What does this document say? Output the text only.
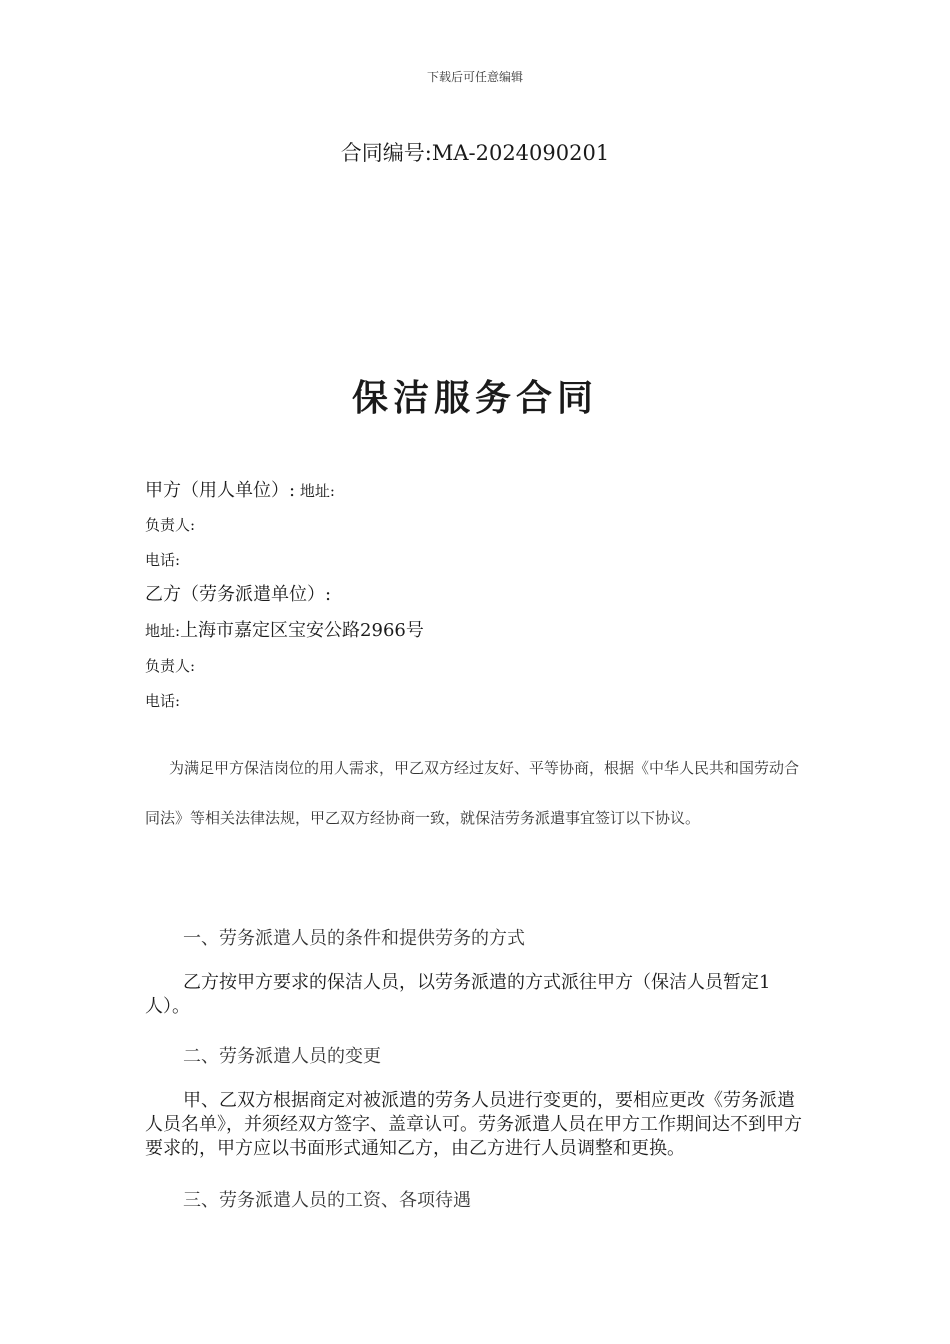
下载后可任意编辑
合同编号:MA-2024090201
保洁服务合同
甲方（用人单位）: 地址:
负责人:
电话:
乙方（劳务派遣单位）:
地址:上海市嘉定区宝安公路2966号
负责人:
电话:
为满足甲方保洁岗位的用人需求，甲乙双方经过友好、平等协商，根据《中华人民共和国劳动合同法》等相关法律法规，甲乙双方经协商一致，就保洁劳务派遣事宜签订以下协议。
一、劳务派遣人员的条件和提供劳务的方式
乙方按甲方要求的保洁人员，以劳务派遣的方式派往甲方（保洁人员暂定1人）。
二、劳务派遣人员的变更
甲、乙双方根据商定对被派遣的劳务人员进行变更的，要相应更改《劳务派遣人员名单》，并须经双方签字、盖章认可。劳务派遣人员在甲方工作期间达不到甲方要求的，甲方应以书面形式通知乙方，由乙方进行人员调整和更换。
三、劳务派遣人员的工资、各项待遇
